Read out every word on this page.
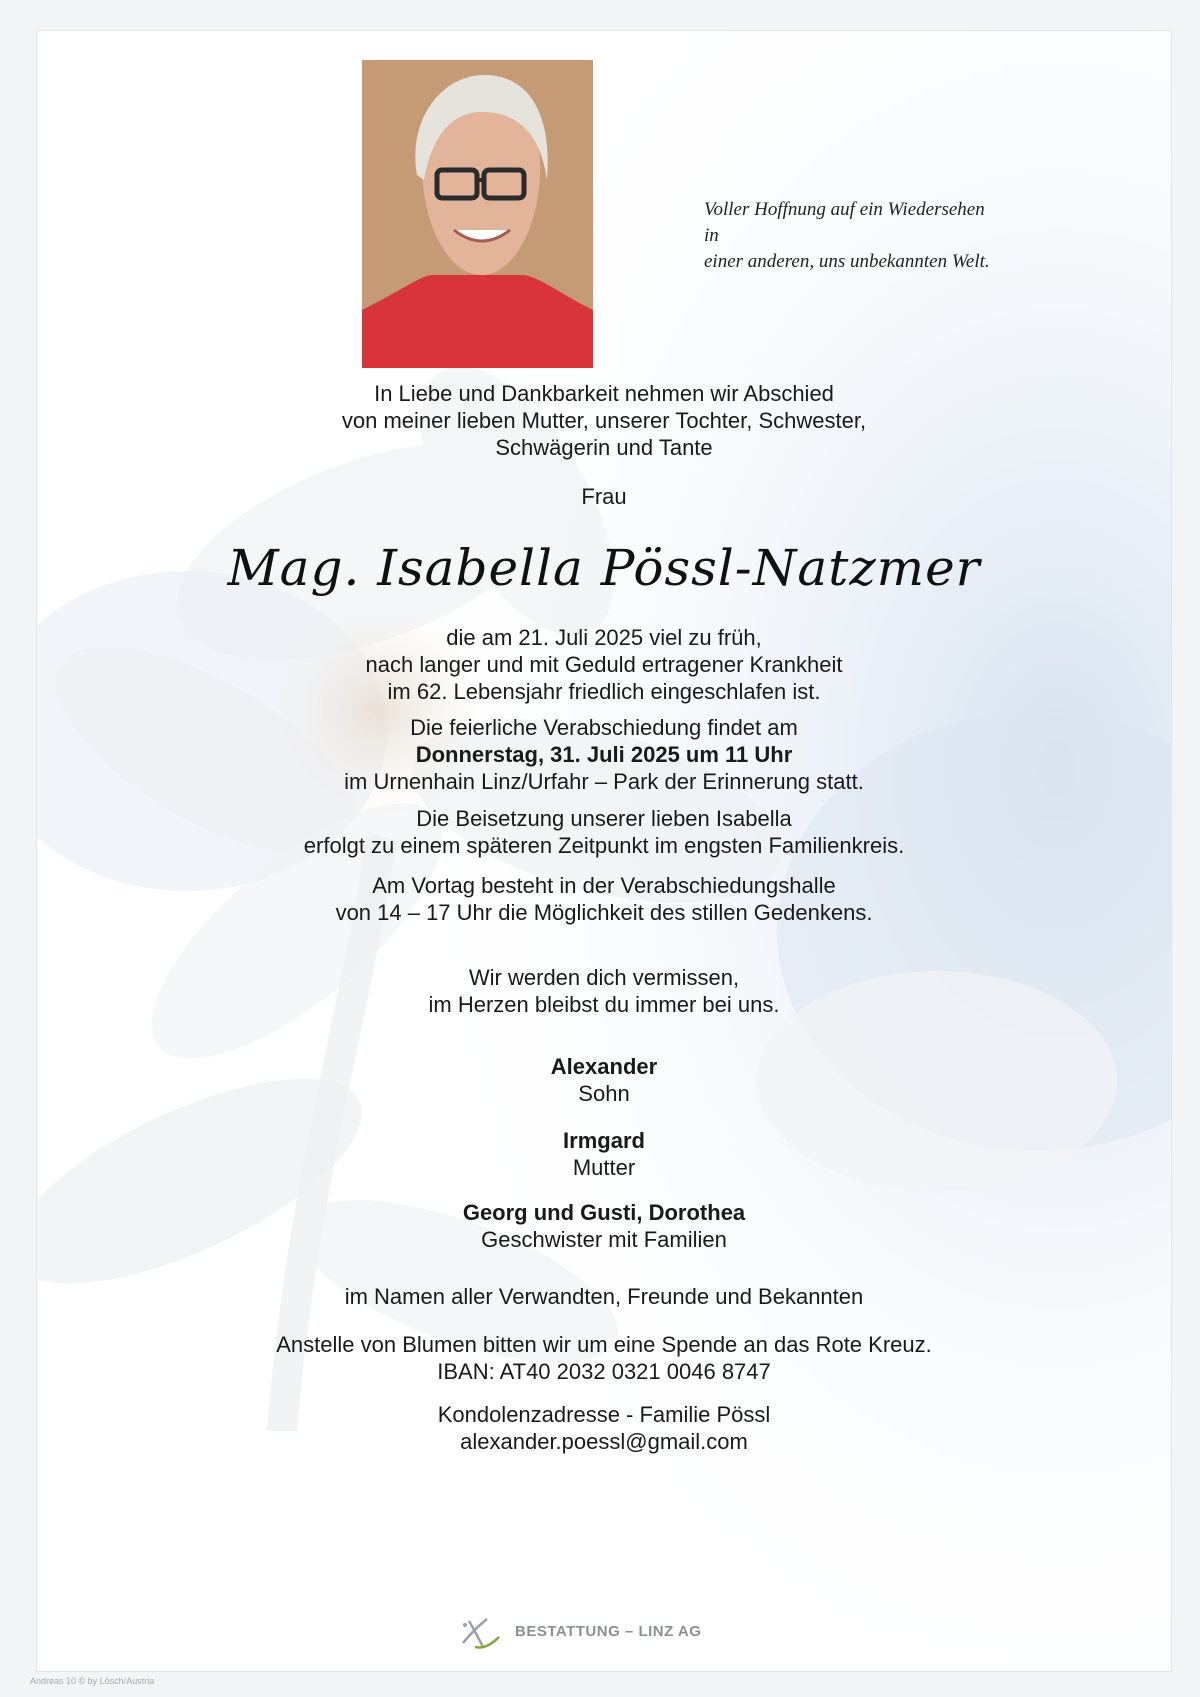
Voller Hoffnung auf ein Wiedersehen in
einer anderen, uns unbekannten Welt.
In Liebe und Dankbarkeit nehmen wir Abschied
von meiner lieben Mutter, unserer Tochter, Schwester,
Schwägerin und Tante
Frau
Mag. Isabella Pössl-Natzmer
die am 21. Juli 2025 viel zu früh,
nach langer und mit Geduld ertragener Krankheit
im 62. Lebensjahr friedlich eingeschlafen ist.
Die feierliche Verabschiedung findet am
Donnerstag, 31. Juli 2025 um 11 Uhr
im Urnenhain Linz/Urfahr – Park der Erinnerung statt.
Die Beisetzung unserer lieben Isabella
erfolgt zu einem späteren Zeitpunkt im engsten Familienkreis.
Am Vortag besteht in der Verabschiedungshalle
von 14 – 17 Uhr die Möglichkeit des stillen Gedenkens.
Wir werden dich vermissen,
im Herzen bleibst du immer bei uns.
Alexander
Sohn
Irmgard
Mutter
Georg und Gusti, Dorothea
Geschwister mit Familien
im Namen aller Verwandten, Freunde und Bekannten
Anstelle von Blumen bitten wir um eine Spende an das Rote Kreuz.
IBAN: AT40 2032 0321 0046 8747
Kondolenzadresse - Familie Pössl
alexander.poessl@gmail.com
BESTATTUNG – LINZ AG
Andreas 10 © by Lösch/Austria
